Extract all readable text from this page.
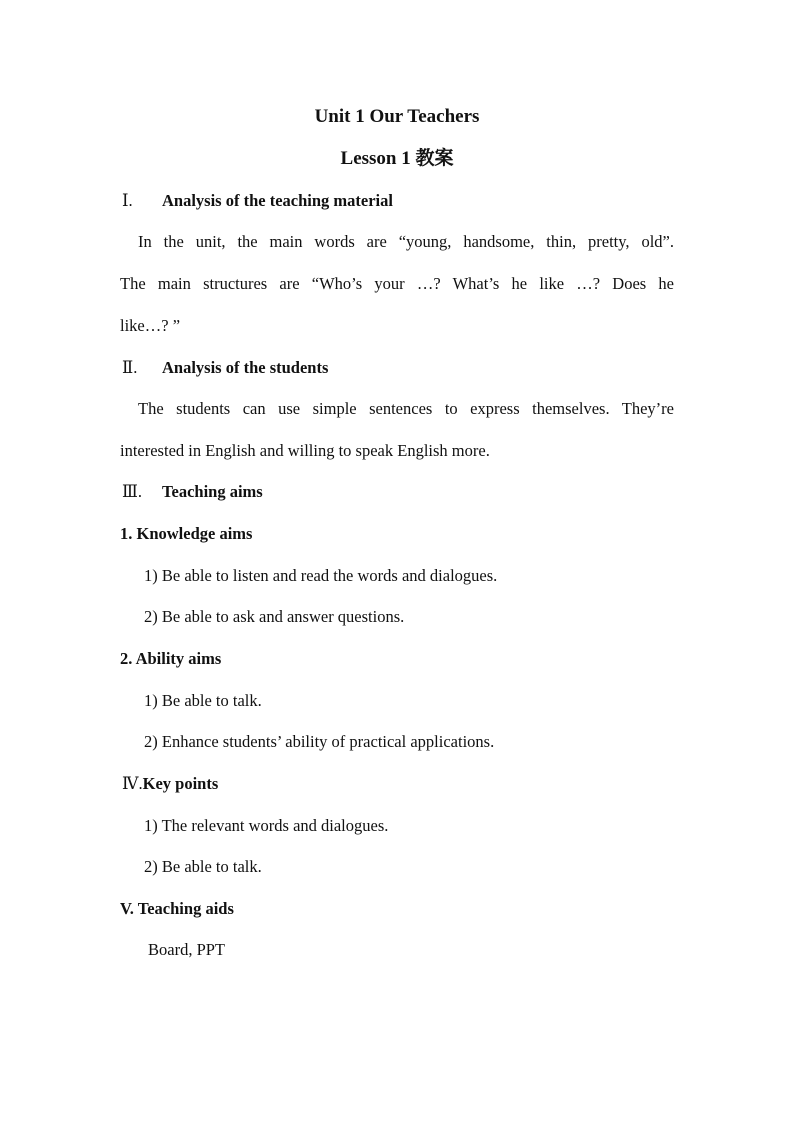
Unit 1 Our Teachers
Lesson 1 教案
Ⅰ. Analysis of the teaching material
In the unit, the main words are “young, handsome, thin, pretty, old”.
The main structures are “Who’s your …? What’s he like …? Does he
like…? ”
Ⅱ. Analysis of the students
The students can use simple sentences to express themselves. They’re
interested in English and willing to speak English more.
Ⅲ. Teaching aims
1. Knowledge aims
1) Be able to listen and read the words and dialogues.
2) Be able to ask and answer questions.
2. Ability aims
1) Be able to talk.
2) Enhance students’ ability of practical applications.
Ⅳ.Key points
1) The relevant words and dialogues.
2) Be able to talk.
V. Teaching aids
Board, PPT
